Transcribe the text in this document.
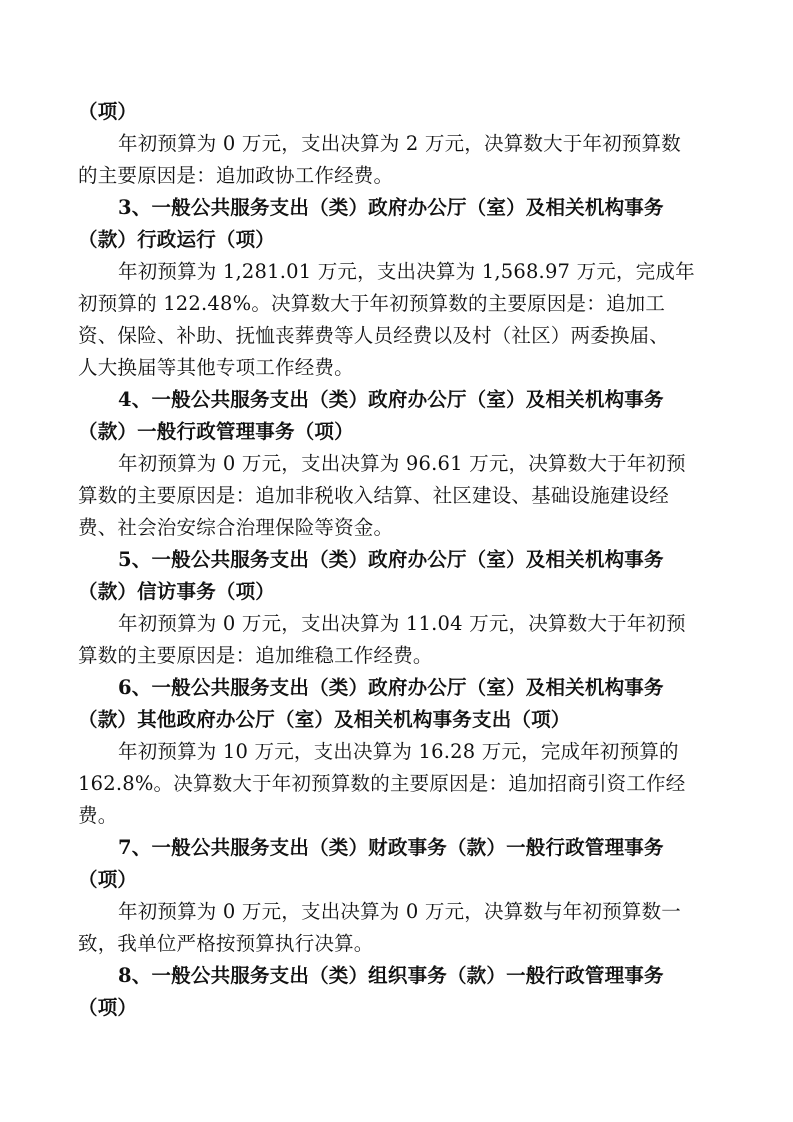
（项）
年初预算为 0 万元，支出决算为 2 万元，决算数大于年初预算数
的主要原因是：追加政协工作经费。
3、一般公共服务支出（类）政府办公厅（室）及相关机构事务
（款）行政运行（项）
年初预算为 1,281.01 万元，支出决算为 1,568.97 万元，完成年
初预算的 122.48%。决算数大于年初预算数的主要原因是：追加工
资、保险、补助、抚恤丧葬费等人员经费以及村（社区）两委换届、
人大换届等其他专项工作经费。
4、一般公共服务支出（类）政府办公厅（室）及相关机构事务
（款）一般行政管理事务（项）
年初预算为 0 万元，支出决算为 96.61 万元，决算数大于年初预
算数的主要原因是：追加非税收入结算、社区建设、基础设施建设经
费、社会治安综合治理保险等资金。
5、一般公共服务支出（类）政府办公厅（室）及相关机构事务
（款）信访事务（项）
年初预算为 0 万元，支出决算为 11.04 万元，决算数大于年初预
算数的主要原因是：追加维稳工作经费。
6、一般公共服务支出（类）政府办公厅（室）及相关机构事务
（款）其他政府办公厅（室）及相关机构事务支出（项）
年初预算为 10 万元，支出决算为 16.28 万元，完成年初预算的
162.8%。决算数大于年初预算数的主要原因是：追加招商引资工作经
费。
7、一般公共服务支出（类）财政事务（款）一般行政管理事务
（项）
年初预算为 0 万元，支出决算为 0 万元，决算数与年初预算数一
致，我单位严格按预算执行决算。
8、一般公共服务支出（类）组织事务（款）一般行政管理事务
（项）
